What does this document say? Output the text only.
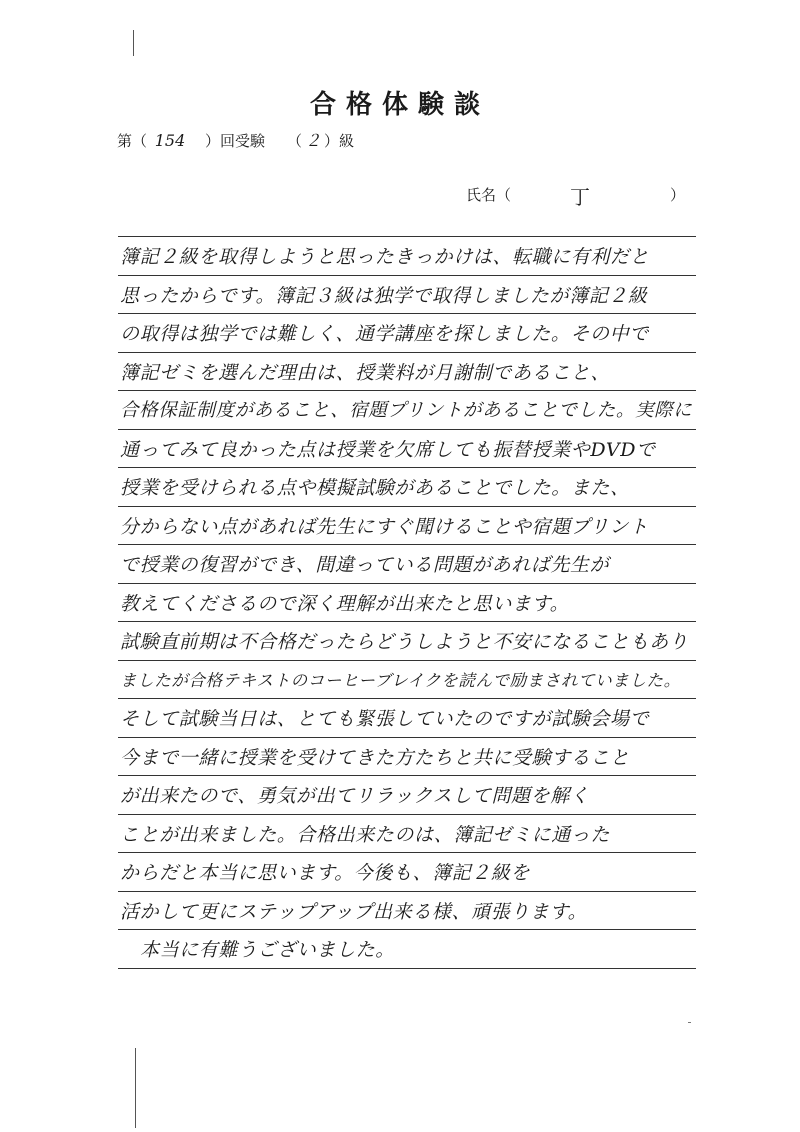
合格体験談
第（ 154	）回受験 （ ２ ）級
氏名（	丁	）
簿記２級を取得しようと思ったきっかけは、転職に有利だと
思ったからです。簿記３級は独学で取得しましたが簿記２級
の取得は独学では難しく、通学講座を探しました。その中で
簿記ゼミを選んだ理由は、授業料が月謝制であること、
合格保証制度があること、宿題プリントがあることでした。実際に
通ってみて良かった点は授業を欠席しても振替授業やDVDで
授業を受けられる点や模擬試験があることでした。また、
分からない点があれば先生にすぐ聞けることや宿題プリント
で授業の復習ができ、間違っている問題があれば先生が
教えてくださるので深く理解が出来たと思います。
試験直前期は不合格だったらどうしようと不安になることもあり
ましたが合格テキストのコーヒーブレイクを読んで励まされていました。
そして試験当日は、とても緊張していたのですが試験会場で
今まで一緒に授業を受けてきた方たちと共に受験すること
が出来たので、勇気が出てリラックスして問題を解く
ことが出来ました。合格出来たのは、簿記ゼミに通った
からだと本当に思います。今後も、簿記２級を
活かして更にステップアップ出来る様、頑張ります。
本当に有難うございました。
